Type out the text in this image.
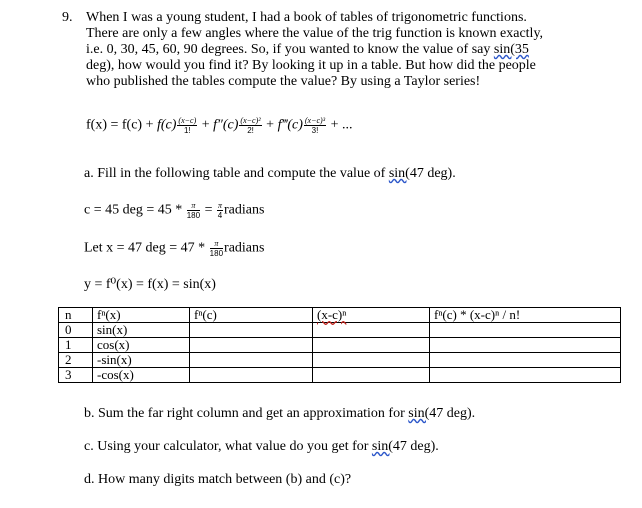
9. When I was a young student, I had a book of tables of trigonometric functions.
There are only a few angles where the value of the trig function is known exactly,
i.e. 0, 30, 45, 60, 90 degrees. So, if you wanted to know the value of say sin(35
deg), how would you find it? By looking it up in a table. But how did the people
who published the tables compute the value? By using a Taylor series!
$f(x) = f(c) + f(c) \frac{(x-c)}{1!} + f''(c) \frac{\text{(x−c)²}}{2!}$ + f‴(c) $\frac{\text{(x−c)³}}{3!}$ + ...
a. Fill in the following table and compute the value of sin(47 deg).
c = 45 deg = $45 * \frac{\pi}{180} = \frac{\pi}{4}$ radians
Let x = 47 deg = $47 * \frac{\pi}{180}$ radians
y = f⁰(x) = f(x) = sin(x)
n	fⁿ(x)	fⁿ(c)	(x-c)ⁿ	fⁿ(c) * (x-c)ⁿ / n!
0	sin(x)			
1	cos(x)			
2	-sin(x)			
3	-cos(x)			
b. Sum the far right column and get an approximation for sin(47 deg).
c. Using your calculator, what value do you get for sin(47 deg).
d. How many digits match between (b) and (c)?
